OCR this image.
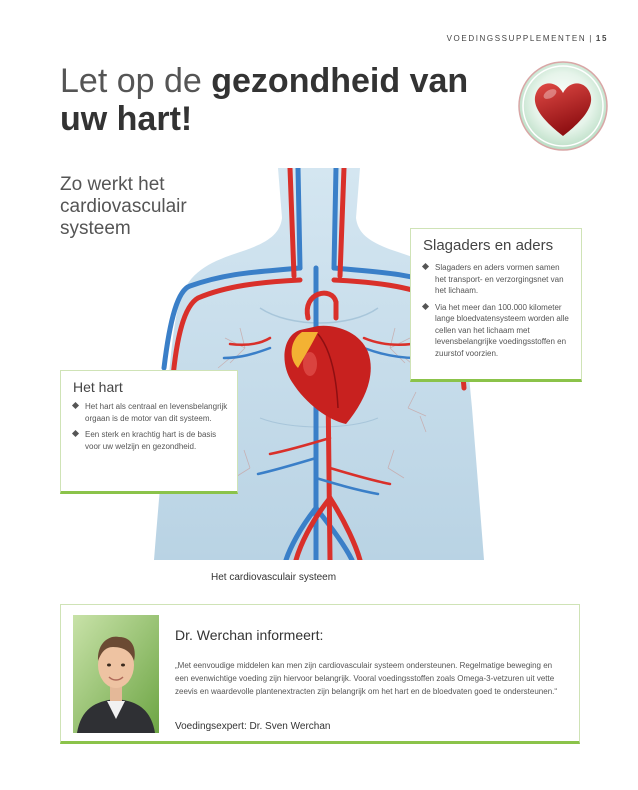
VOEDINGSSUPPLEMENTEN | 15
Let op de gezondheid van
uw hart!
Zo werkt het cardiovasculair systeem
Slagaders en aders
Slagaders en aders vormen samen het transport- en verzorgingsnet van het lichaam.
Via het meer dan 100.000 kilometer lange bloedvatensysteem worden alle cellen van het lichaam met levensbelangrijke voedingsstoffen en zuurstof voorzien.
Het hart
Het hart als centraal en levensbelangrijk orgaan is de motor van dit systeem.
Een sterk en krachtig hart is de basis voor uw welzijn en gezondheid.
Het cardiovasculair systeem
Dr. Werchan informeert:

„Met eenvoudige middelen kan men zijn cardiovasculair systeem ondersteunen. Regelmatige beweging en een evenwichtige voeding zijn hiervoor belangrijk. Vooral voedingsstoffen zoals Omega-3-vetzuren uit vette zeevis en waardevolle plantenextracten zijn belangrijk om het hart en de bloedvaten goed te ondersteunen.“

Voedingsexpert: Dr. Sven Werchan
